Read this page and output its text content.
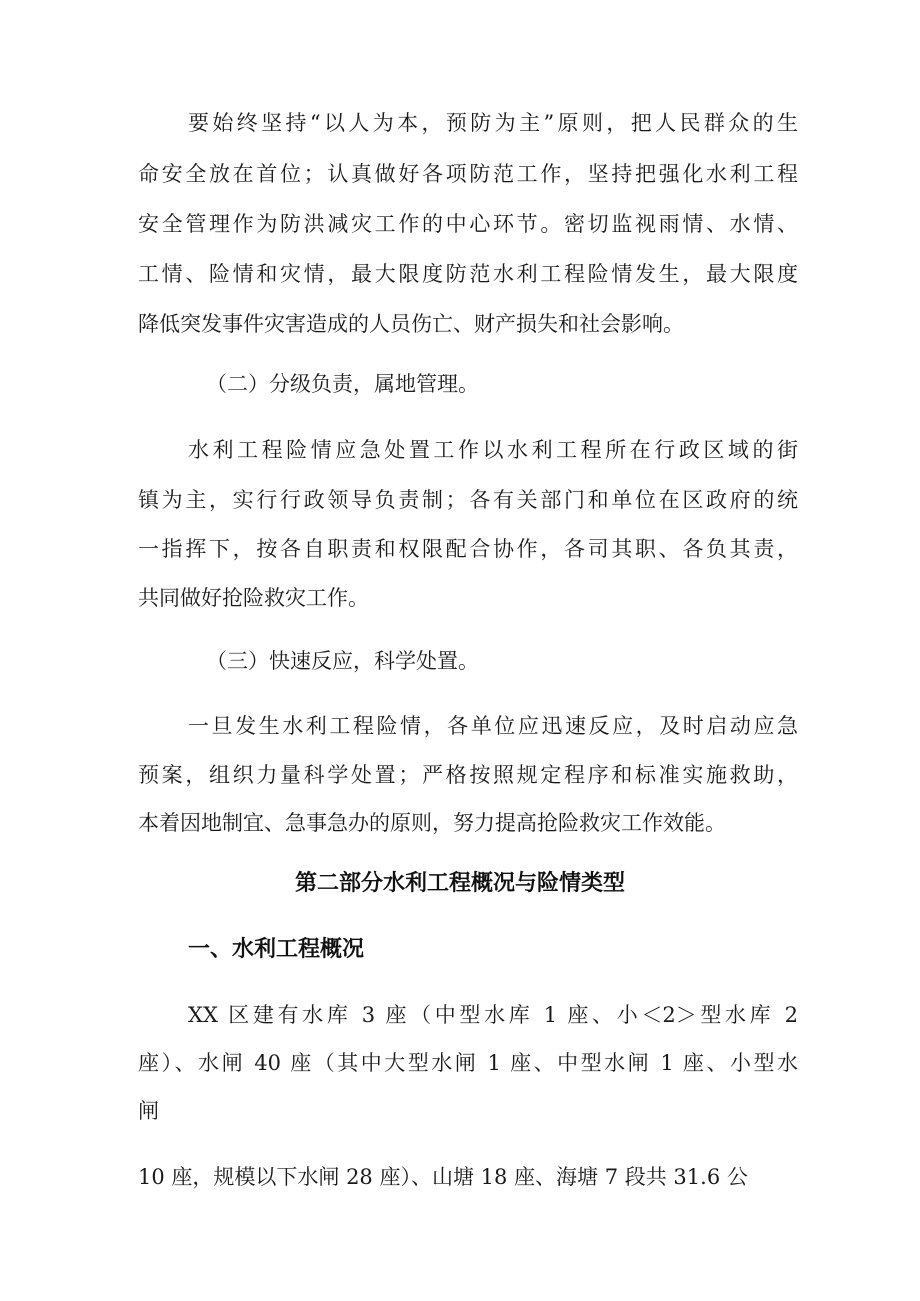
要始终坚持“以人为本，预防为主”原则，把人民群众的生

命安全放在首位；认真做好各项防范工作，坚持把强化水利工程

安全管理作为防洪减灾工作的中心环节。密切监视雨情、水情、

工情、险情和灾情，最大限度防范水利工程险情发生，最大限度

降低突发事件灾害造成的人员伤亡、财产损失和社会影响。

（二）分级负责，属地管理。

水利工程险情应急处置工作以水利工程所在行政区域的街

镇为主，实行行政领导负责制；各有关部门和单位在区政府的统

一指挥下，按各自职责和权限配合协作，各司其职、各负其责，

共同做好抢险救灾工作。

（三）快速反应，科学处置。

一旦发生水利工程险情，各单位应迅速反应，及时启动应急

预案，组织力量科学处置；严格按照规定程序和标准实施救助，

本着因地制宜、急事急办的原则，努力提高抢险救灾工作效能。

第二部分水利工程概况与险情类型

一、水利工程概况

XX 区建有水库 3 座（中型水库 1 座、小＜2＞型水库 2

座）、水闸 40 座（其中大型水闸 1 座、中型水闸 1 座、小型水

闸

10 座，规模以下水闸 28 座）、山塘 18 座、海塘 7 段共 31.6 公
